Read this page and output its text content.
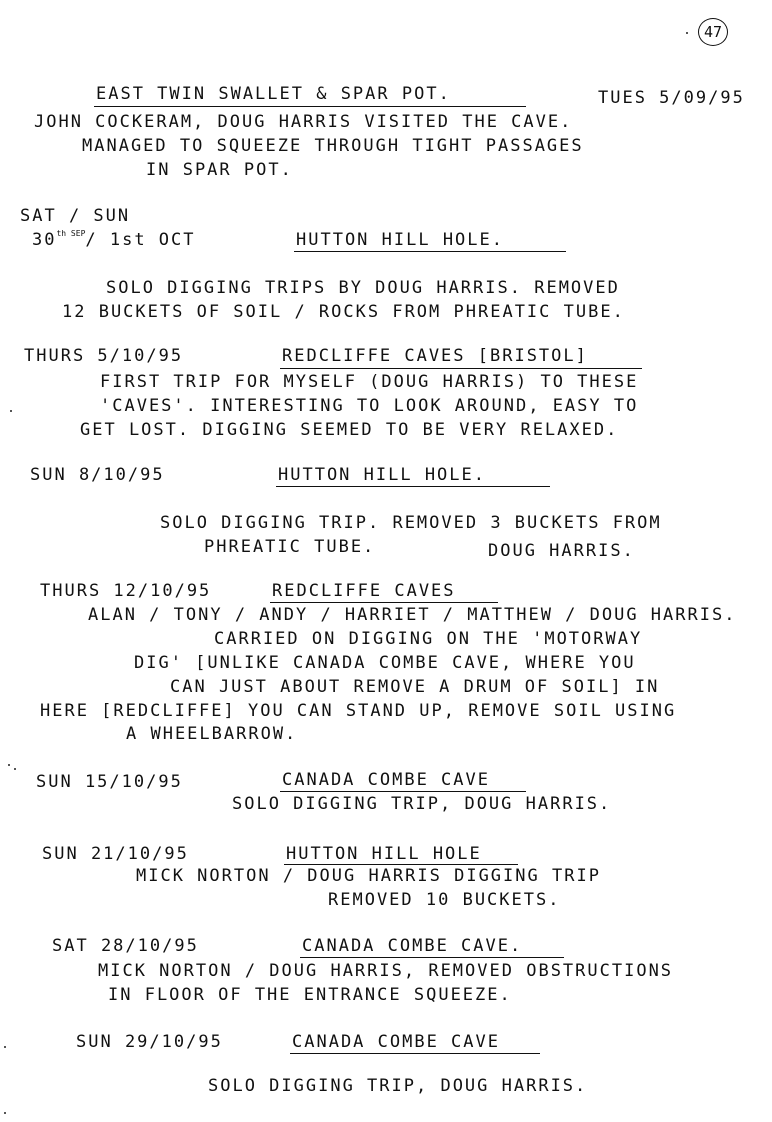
47
EAST TWIN SWALLET & SPAR POT.	TUES 5/09/95
JOHN COCKERAM, DOUG HARRIS VISITED THE CAVE.
MANAGED TO SQUEEZE THROUGH TIGHT PASSAGES
IN SPAR POT.
SAT / SUN
$30^{th SEP}/$ 1st OCT	HUTTON HILL HOLE.
SOLO DIGGING TRIPS BY DOUG HARRIS. REMOVED
12 BUCKETS OF SOIL / ROCKS FROM PHREATIC TUBE.
THURS 5/10/95	REDCLIFFE CAVES [BRISTOL]
FIRST TRIP FOR MYSELF (DOUG HARRIS) TO THESE
'CAVES'. INTERESTING TO LOOK AROUND, EASY TO
GET LOST. DIGGING SEEMED TO BE VERY RELAXED.
SUN 8/10/95	HUTTON HILL HOLE.
SOLO DIGGING TRIP. REMOVED 3 BUCKETS FROM
PHREATIC TUBE.	DOUG HARRIS.
THURS 12/10/95	REDCLIFFE CAVES
ALAN / TONY / ANDY / HARRIET / MATTHEW / DOUG HARRIS.
CARRIED ON DIGGING ON THE 'MOTORWAY
DIG' [UNLIKE CANADA COMBE CAVE, WHERE YOU
CAN JUST ABOUT REMOVE A DRUM OF SOIL] IN
HERE [REDCLIFFE] YOU CAN STAND UP, REMOVE SOIL USING
A WHEELBARROW.
SUN 15/10/95	CANADA COMBE CAVE
SOLO DIGGING TRIP, DOUG HARRIS.
SUN 21/10/95	HUTTON HILL HOLE
MICK NORTON / DOUG HARRIS DIGGING TRIP
REMOVED 10 BUCKETS.
SAT 28/10/95	CANADA COMBE CAVE.
MICK NORTON / DOUG HARRIS, REMOVED OBSTRUCTIONS
IN FLOOR OF THE ENTRANCE SQUEEZE.
SUN 29/10/95	CANADA COMBE CAVE
SOLO DIGGING TRIP, DOUG HARRIS.
